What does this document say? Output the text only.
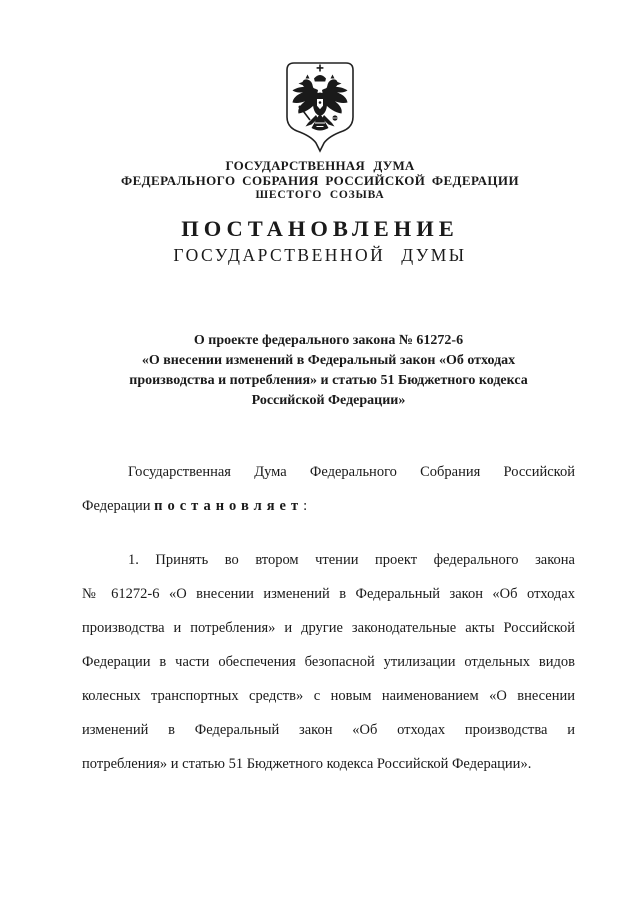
ГОСУДАРСТВЕННАЯ ДУМА
ФЕДЕРАЛЬНОГО СОБРАНИЯ РОССИЙСКОЙ ФЕДЕРАЦИИ
ШЕСТОГО СОЗЫВА
ПОСТАНОВЛЕНИЕ
ГОСУДАРСТВЕННОЙ ДУМЫ
О проекте федерального закона № 61272-6
«О внесении изменений в Федеральный закон «Об отходах
производства и потребления» и статью 51 Бюджетного кодекса
Российской Федерации»
Государственная Дума Федерального Собрания Российской
Федерации постановляет:
1. Принять во втором чтении проект федерального закона
№ 61272-6 «О внесении изменений в Федеральный закон «Об отходах
производства и потребления» и другие законодательные акты Российской
Федерации в части обеспечения безопасной утилизации отдельных видов
колесных транспортных средств» с новым наименованием «О внесении
изменений в Федеральный закон «Об отходах производства и
потребления» и статью 51 Бюджетного кодекса Российской Федерации».
